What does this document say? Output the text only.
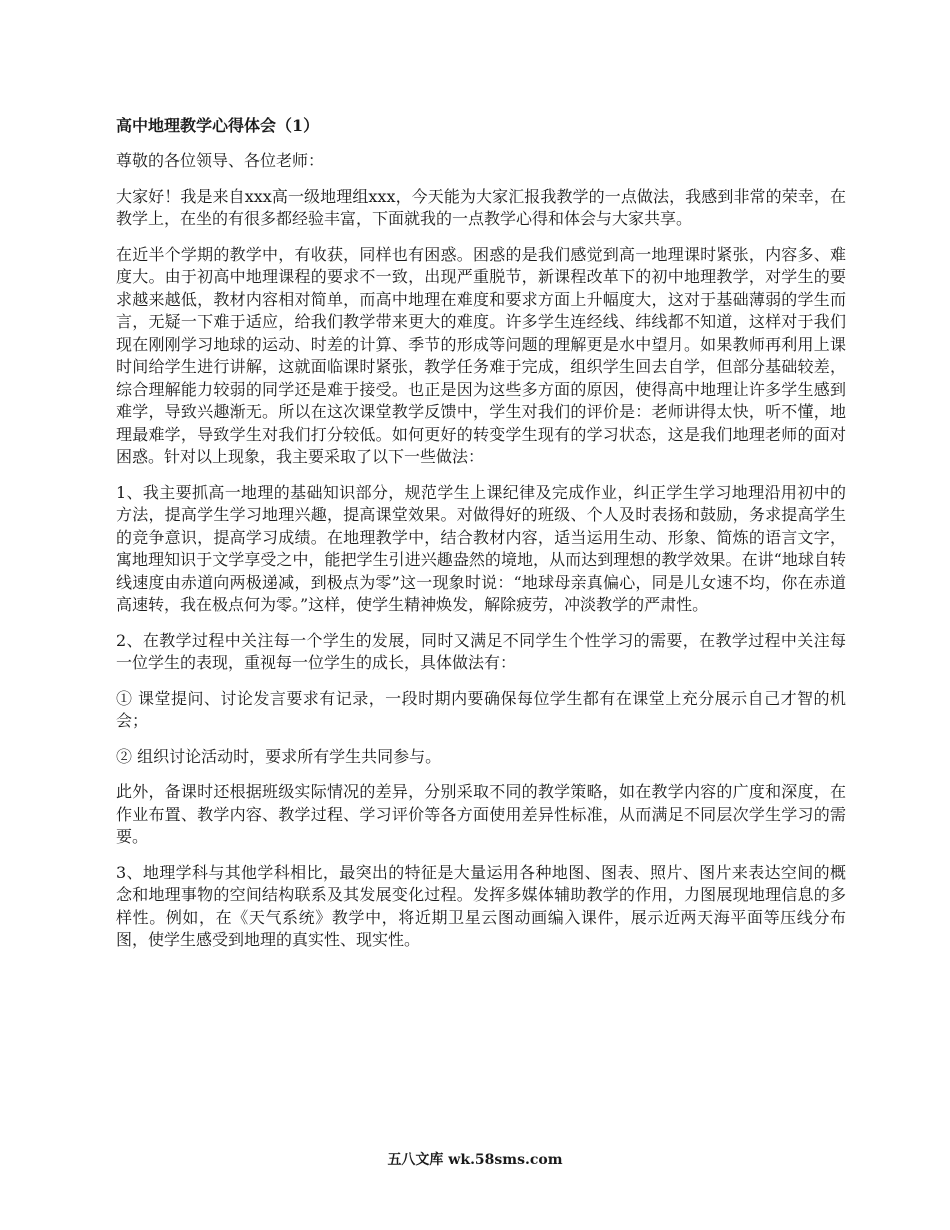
高中地理教学心得体会（1）

尊敬的各位领导、各位老师：

大家好！我是来自xxx高一级地理组xxx，今天能为大家汇报我教学的一点做法，我感到非常的荣幸，在教学上，在坐的有很多都经验丰富，下面就我的一点教学心得和体会与大家共享。

在近半个学期的教学中，有收获，同样也有困惑。困惑的是我们感觉到高一地理课时紧张，内容多、难度大。由于初高中地理课程的要求不一致，出现严重脱节，新课程改革下的初中地理教学，对学生的要求越来越低，教材内容相对简单，而高中地理在难度和要求方面上升幅度大，这对于基础薄弱的学生而言，无疑一下难于适应，给我们教学带来更大的难度。许多学生连经线、纬线都不知道，这样对于我们现在刚刚学习地球的运动、时差的计算、季节的形成等问题的理解更是水中望月。如果教师再利用上课时间给学生进行讲解，这就面临课时紧张，教学任务难于完成，组织学生回去自学，但部分基础较差，综合理解能力较弱的同学还是难于接受。也正是因为这些多方面的原因，使得高中地理让许多学生感到难学，导致兴趣渐无。所以在这次课堂教学反馈中，学生对我们的评价是：老师讲得太快，听不懂，地理最难学，导致学生对我们打分较低。如何更好的转变学生现有的学习状态，这是我们地理老师的面对困惑。针对以上现象，我主要采取了以下一些做法：

1、我主要抓高一地理的基础知识部分，规范学生上课纪律及完成作业，纠正学生学习地理沿用初中的方法，提高学生学习地理兴趣，提高课堂效果。对做得好的班级、个人及时表扬和鼓励，务求提高学生的竞争意识，提高学习成绩。在地理教学中，结合教材内容，适当运用生动、形象、简炼的语言文字，寓地理知识于文学享受之中，能把学生引进兴趣盎然的境地，从而达到理想的教学效果。在讲“地球自转线速度由赤道向两极递减，到极点为零”这一现象时说：“地球母亲真偏心，同是儿女速不均，你在赤道高速转，我在极点何为零。”这样，使学生精神焕发，解除疲劳，冲淡教学的严肃性。

2、在教学过程中关注每一个学生的发展，同时又满足不同学生个性学习的需要，在教学过程中关注每一位学生的表现，重视每一位学生的成长，具体做法有：

① 课堂提问、讨论发言要求有记录，一段时期内要确保每位学生都有在课堂上充分展示自己才智的机会；

② 组织讨论活动时，要求所有学生共同参与。

此外，备课时还根据班级实际情况的差异，分别采取不同的教学策略，如在教学内容的广度和深度，在作业布置、教学内容、教学过程、学习评价等各方面使用差异性标准，从而满足不同层次学生学习的需要。

3、地理学科与其他学科相比，最突出的特征是大量运用各种地图、图表、照片、图片来表达空间的概念和地理事物的空间结构联系及其发展变化过程。发挥多媒体辅助教学的作用，力图展现地理信息的多样性。例如，在《天气系统》教学中，将近期卫星云图动画编入课件，展示近两天海平面等压线分布图，使学生感受到地理的真实性、现实性。

五八文库 wk.58sms.com
